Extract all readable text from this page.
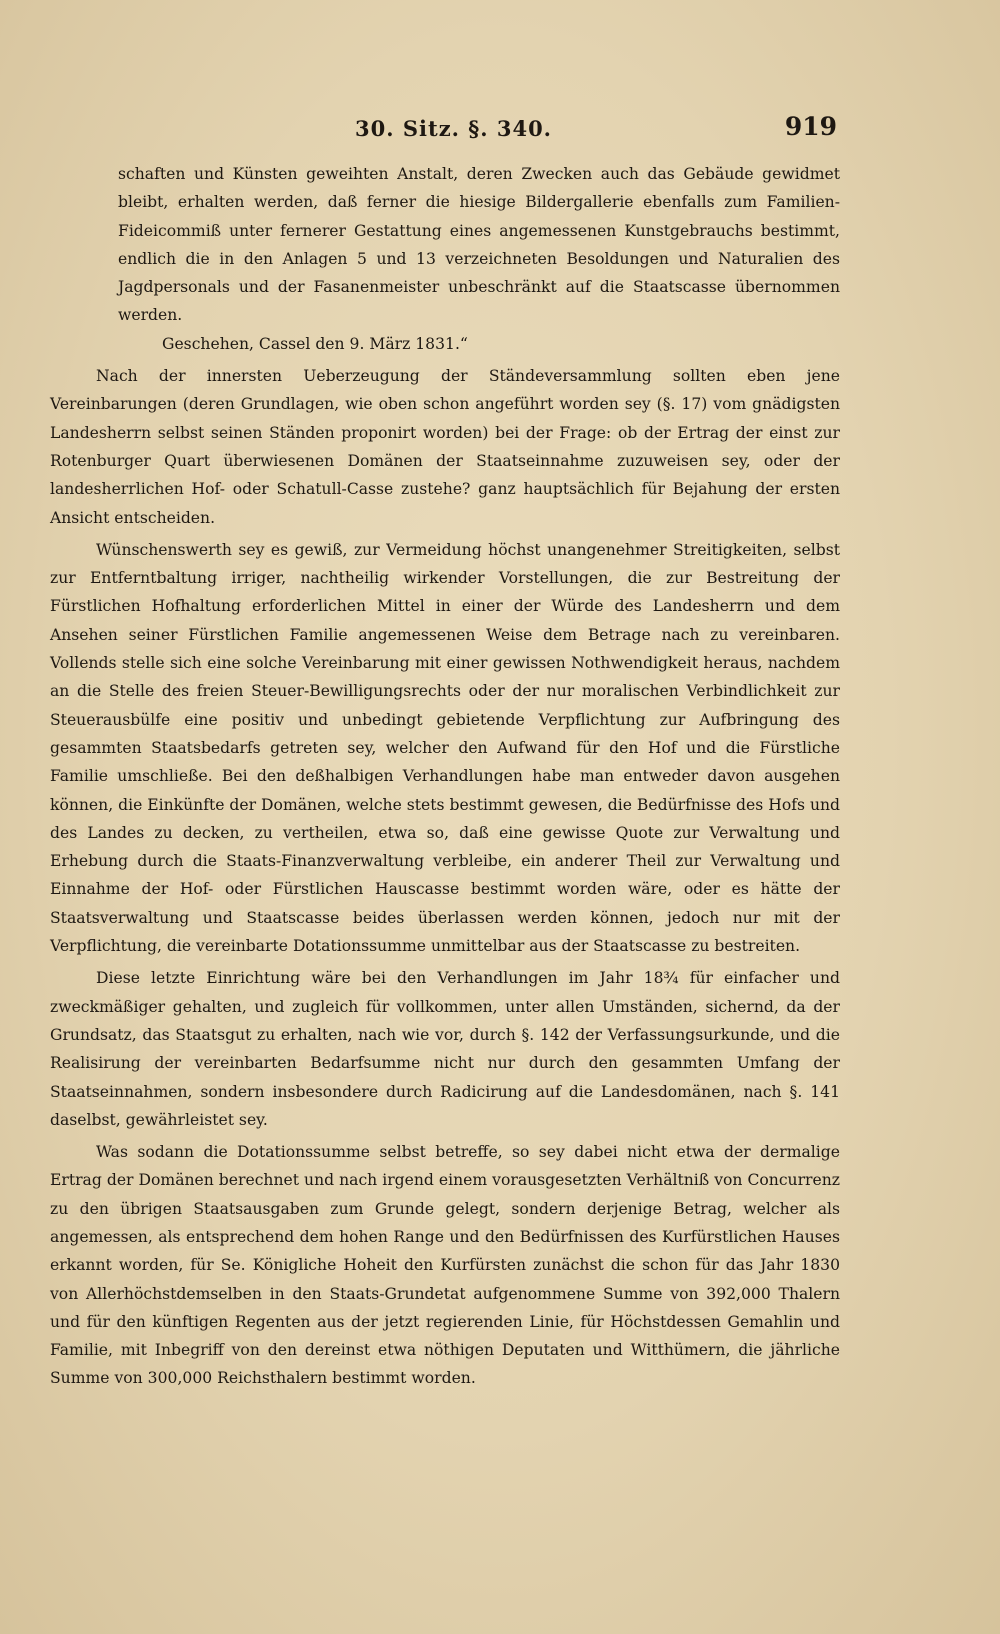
30. Sitz. §. 340.	919

schaften und Künsten geweihten Anstalt, deren Zwecken auch das Gebäude gewidmet bleibt, erhalten werden, daß ferner die hiesige Bildergallerie ebenfalls zum Familien-Fideicommiß unter fernerer Gestattung eines angemessenen Kunstgebrauchs bestimmt, endlich die in den Anlagen 5 und 13 verzeichneten Besoldungen und Naturalien des Jagdpersonals und der Fasanenmeister unbeschränkt auf die Staatscasse übernommen werden.

Geschehen, Cassel den 9. März 1831.“

Nach der innersten Ueberzeugung der Ständeversammlung sollten eben jene Vereinbarungen (deren Grundlagen, wie oben schon angeführt worden sey (§. 17) vom gnädigsten Landesherrn selbst seinen Ständen proponirt worden) bei der Frage: ob der Ertrag der einst zur Rotenburger Quart überwiesenen Domänen der Staatseinnahme zuzuweisen sey, oder der landesherrlichen Hof- oder Schatull-Casse zustehe? ganz hauptsächlich für Bejahung der ersten Ansicht entscheiden.

Wünschenswerth sey es gewiß, zur Vermeidung höchst unangenehmer Streitigkeiten, selbst zur Entferntbaltung irriger, nachtheilig wirkender Vorstellungen, die zur Bestreitung der Fürstlichen Hofhaltung erforderlichen Mittel in einer der Würde des Landesherrn und dem Ansehen seiner Fürstlichen Familie angemessenen Weise dem Betrage nach zu vereinbaren. Vollends stelle sich eine solche Vereinbarung mit einer gewissen Nothwendigkeit heraus, nachdem an die Stelle des freien Steuer-Bewilligungsrechts oder der nur moralischen Verbindlichkeit zur Steuerausbülfe eine positiv und unbedingt gebietende Verpflichtung zur Aufbringung des gesammten Staatsbedarfs getreten sey, welcher den Aufwand für den Hof und die Fürstliche Familie umschließe. Bei den deßhalbigen Verhandlungen habe man entweder davon ausgehen können, die Einkünfte der Domänen, welche stets bestimmt gewesen, die Bedürfnisse des Hofs und des Landes zu decken, zu vertheilen, etwa so, daß eine gewisse Quote zur Verwaltung und Erhebung durch die Staats-Finanzverwaltung verbleibe, ein anderer Theil zur Verwaltung und Einnahme der Hof- oder Fürstlichen Hauscasse bestimmt worden wäre, oder es hätte der Staatsverwaltung und Staatscasse beides überlassen werden können, jedoch nur mit der Verpflichtung, die vereinbarte Dotationssumme unmittelbar aus der Staatscasse zu bestreiten.

Diese letzte Einrichtung wäre bei den Verhandlungen im Jahr 18¾ für einfacher und zweckmäßiger gehalten, und zugleich für vollkommen, unter allen Umständen, sichernd, da der Grundsatz, das Staatsgut zu erhalten, nach wie vor, durch §. 142 der Verfassungsurkunde, und die Realisirung der vereinbarten Bedarfsumme nicht nur durch den gesammten Umfang der Staatseinnahmen, sondern insbesondere durch Radicirung auf die Landesdomänen, nach §. 141 daselbst, gewährleistet sey.

Was sodann die Dotationssumme selbst betreffe, so sey dabei nicht etwa der dermalige Ertrag der Domänen berechnet und nach irgend einem vorausgesetzten Verhältniß von Concurrenz zu den übrigen Staatsausgaben zum Grunde gelegt, sondern derjenige Betrag, welcher als angemessen, als entsprechend dem hohen Range und den Bedürfnissen des Kurfürstlichen Hauses erkannt worden, für Se. Königliche Hoheit den Kurfürsten zunächst die schon für das Jahr 1830 von Allerhöchstdemselben in den Staats-Grundetat aufgenommene Summe von 392,000 Thalern und für den künftigen Regenten aus der jetzt regierenden Linie, für Höchstdessen Gemahlin und Familie, mit Inbegriff von den dereinst etwa nöthigen Deputaten und Witthümern, die jährliche Summe von 300,000 Reichsthalern bestimmt worden.
